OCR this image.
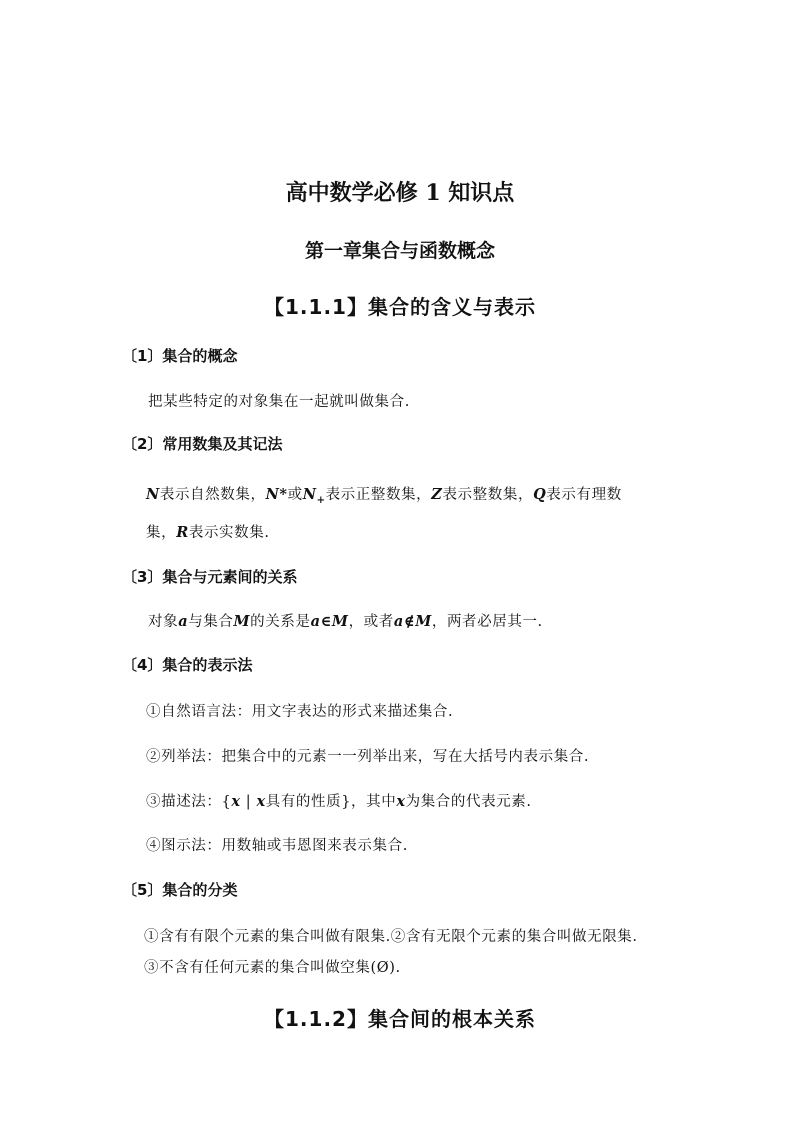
高中数学必修 1 知识点
第一章集合与函数概念
【1.1.1】集合的含义与表示
〔1〕集合的概念
把某些特定的对象集在一起就叫做集合.
〔2〕常用数集及其记法
N表示自然数集，N*或$N_+$表示正整数集，Z表示整数集，Q表示有理数
集，R表示实数集.
〔3〕集合与元素间的关系
对象a与集合M的关系是a∈M，或者a∉M，两者必居其一.
〔4〕集合的表示法
①自然语言法：用文字表达的形式来描述集合.
②列举法：把集合中的元素一一列举出来，写在大括号内表示集合.
③描述法：{x | x具有的性质}，其中x为集合的代表元素.
④图示法：用数轴或韦恩图来表示集合.
〔5〕集合的分类
①含有有限个元素的集合叫做有限集.②含有无限个元素的集合叫做无限集.
③不含有任何元素的集合叫做空集(Ø).
【1.1.2】集合间的根本关系
